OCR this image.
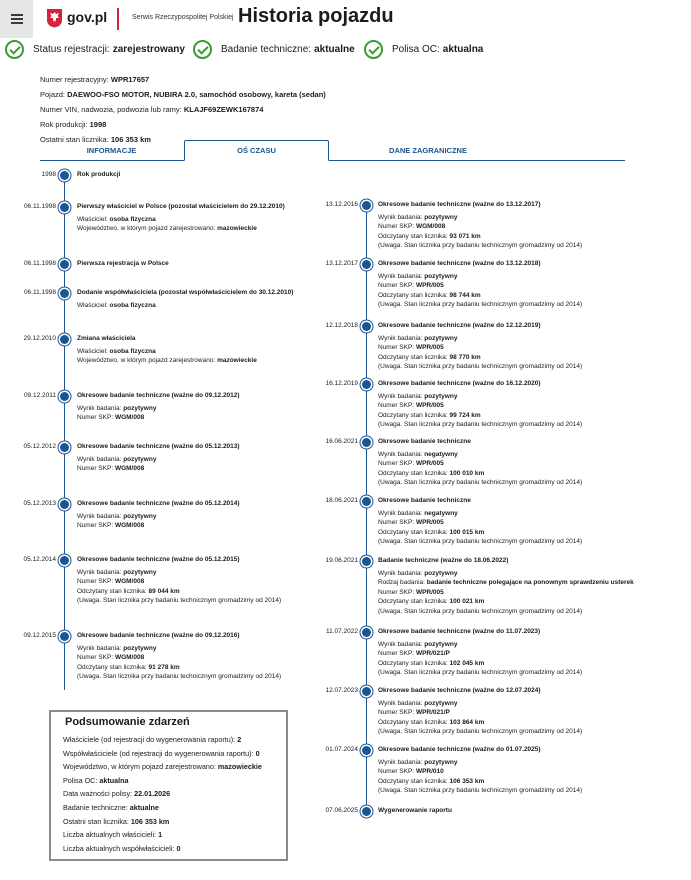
gov.pl	Serwis Rzeczypospolitej Polskiej Historia pojazdu
Status rejestracji: zarejestrowany	Badanie techniczne: aktualne	Polisa OC: aktualna
Numer rejestracyjny: WPR17657
Pojazd: DAEWOO-FSO MOTOR, NUBIRA 2.0, samochód osobowy, kareta (sedan)
Numer VIN, nadwozia, podwozia lub ramy: KLAJF69ZEWK167874
Rok produkcji: 1998
Ostatni stan licznika: 106 353 km
INFORMACJE	OŚ CZASU	DANE ZAGRANICZNE
1998	Rok produkcji
06.11.1998	Pierwszy właściciel w Polsce (pozostał właścicielem do 29.12.2010)
Właściciel: osoba fizyczna
Województwo, w którym pojazd zarejestrowano: mazowieckie
06.11.1998	Pierwsza rejestracja w Polsce
06.11.1998	Dodanie współwłaściciela (pozostał współwłaścicielem do 30.12.2010)
Właściciel: osoba fizyczna
29.12.2010	Zmiana właściciela
Właściciel: osoba fizyczna
Województwo, w którym pojazd zarejestrowano: mazowieckie
09.12.2011	Okresowe badanie techniczne (ważne do 09.12.2012)
Wynik badania: pozytywny
Numer SKP: WGM/008
05.12.2012	Okresowe badanie techniczne (ważne do 05.12.2013)
Wynik badania: pozytywny
Numer SKP: WGM/008
05.12.2013	Okresowe badanie techniczne (ważne do 05.12.2014)
Wynik badania: pozytywny
Numer SKP: WGM/008
05.12.2014	Okresowe badanie techniczne (ważne do 05.12.2015)
Wynik badania: pozytywny
Numer SKP: WGM/008
Odczytany stan licznika: 89 044 km
(Uwaga. Stan licznika przy badaniu technicznym gromadzimy od 2014)
09.12.2015	Okresowe badanie techniczne (ważne do 09.12.2016)
Wynik badania: pozytywny
Numer SKP: WGM/008
Odczytany stan licznika: 91 278 km
(Uwaga. Stan licznika przy badaniu technicznym gromadzimy od 2014)
13.12.2016	Okresowe badanie techniczne (ważne do 13.12.2017)
Wynik badania: pozytywny
Numer SKP: WGM/008
Odczytany stan licznika: 93 071 km
(Uwaga. Stan licznika przy badaniu technicznym gromadzimy od 2014)
13.12.2017	Okresowe badanie techniczne (ważne do 13.12.2018)
Wynik badania: pozytywny
Numer SKP: WPR/005
Odczytany stan licznika: 98 744 km
(Uwaga. Stan licznika przy badaniu technicznym gromadzimy od 2014)
12.12.2018	Okresowe badanie techniczne (ważne do 12.12.2019)
Wynik badania: pozytywny
Numer SKP: WPR/005
Odczytany stan licznika: 98 770 km
(Uwaga. Stan licznika przy badaniu technicznym gromadzimy od 2014)
16.12.2019	Okresowe badanie techniczne (ważne do 16.12.2020)
Wynik badania: pozytywny
Numer SKP: WPR/005
Odczytany stan licznika: 99 724 km
(Uwaga. Stan licznika przy badaniu technicznym gromadzimy od 2014)
16.06.2021	Okresowe badanie techniczne
Wynik badania: negatywny
Numer SKP: WPR/005
Odczytany stan licznika: 100 010 km
(Uwaga. Stan licznika przy badaniu technicznym gromadzimy od 2014)
18.06.2021	Okresowe badanie techniczne
Wynik badania: negatywny
Numer SKP: WPR/005
Odczytany stan licznika: 100 015 km
(Uwaga. Stan licznika przy badaniu technicznym gromadzimy od 2014)
19.06.2021	Badanie techniczne (ważne do 18.06.2022)
Wynik badania: pozytywny
Rodzaj badania: badanie techniczne polegające na ponownym sprawdzeniu usterek
Numer SKP: WPR/005
Odczytany stan licznika: 100 021 km
(Uwaga. Stan licznika przy badaniu technicznym gromadzimy od 2014)
11.07.2022	Okresowe badanie techniczne (ważne do 11.07.2023)
Wynik badania: pozytywny
Numer SKP: WPR/021/P
Odczytany stan licznika: 102 045 km
(Uwaga. Stan licznika przy badaniu technicznym gromadzimy od 2014)
12.07.2023	Okresowe badanie techniczne (ważne do 12.07.2024)
Wynik badania: pozytywny
Numer SKP: WPR/021/P
Odczytany stan licznika: 103 864 km
(Uwaga. Stan licznika przy badaniu technicznym gromadzimy od 2014)
01.07.2024	Okresowe badanie techniczne (ważne do 01.07.2025)
Wynik badania: pozytywny
Numer SKP: WPR/010
Odczytany stan licznika: 106 353 km
(Uwaga. Stan licznika przy badaniu technicznym gromadzimy od 2014)
07.06.2025	Wygenerowanie raportu
Podsumowanie zdarzeń
Właściciele (od rejestracji do wygenerowania raportu): 2
Współwłaściciele (od rejestracji do wygenerowania raportu): 0
Województwo, w którym pojazd zarejestrowano: mazowieckie
Polisa OC: aktualna
Data ważności polisy: 22.01.2026
Badanie techniczne: aktualne
Ostatni stan licznika: 106 353 km
Liczba aktualnych właścicieli: 1
Liczba aktualnych współwłaścicieli: 0
